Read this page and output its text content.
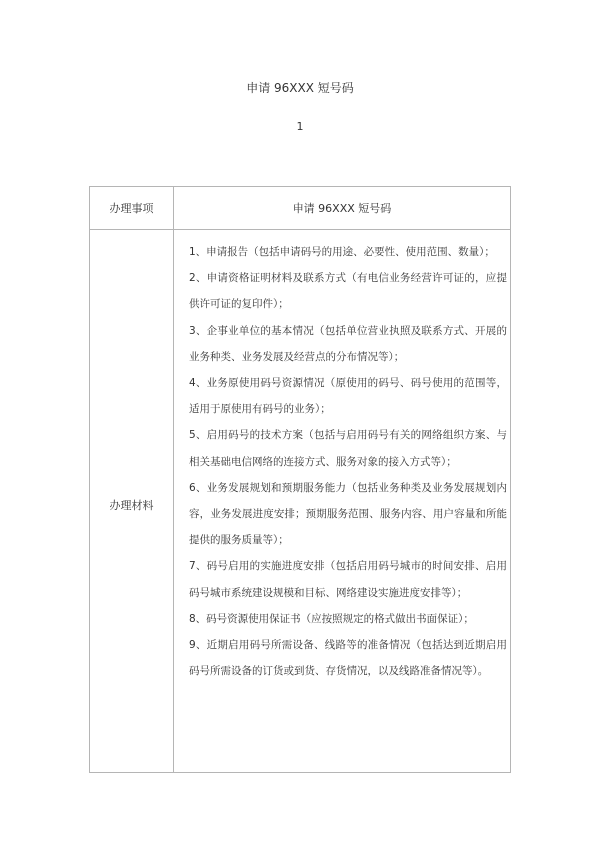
申请 96XXX 短号码
1
办理事项	申请 96XXX 短号码
办理材料
1、申请报告（包括申请码号的用途、必要性、使用范围、数量）；
2、申请资格证明材料及联系方式（有电信业务经营许可证的，应提供许可证的复印件）；
3、企事业单位的基本情况（包括单位营业执照及联系方式、开展的业务种类、业务发展及经营点的分布情况等）；
4、业务原使用码号资源情况（原使用的码号、码号使用的范围等，适用于原使用有码号的业务）；
5、启用码号的技术方案（包括与启用码号有关的网络组织方案、与相关基础电信网络的连接方式、服务对象的接入方式等）；
6、业务发展规划和预期服务能力（包括业务种类及业务发展规划内容，业务发展进度安排；预期服务范围、服务内容、用户容量和所能提供的服务质量等）；
7、码号启用的实施进度安排（包括启用码号城市的时间安排、启用码号城市系统建设规模和目标、网络建设实施进度安排等）；
8、码号资源使用保证书（应按照规定的格式做出书面保证）；
9、近期启用码号所需设备、线路等的准备情况（包括达到近期启用码号所需设备的订货或到货、存货情况，以及线路准备情况等）。
